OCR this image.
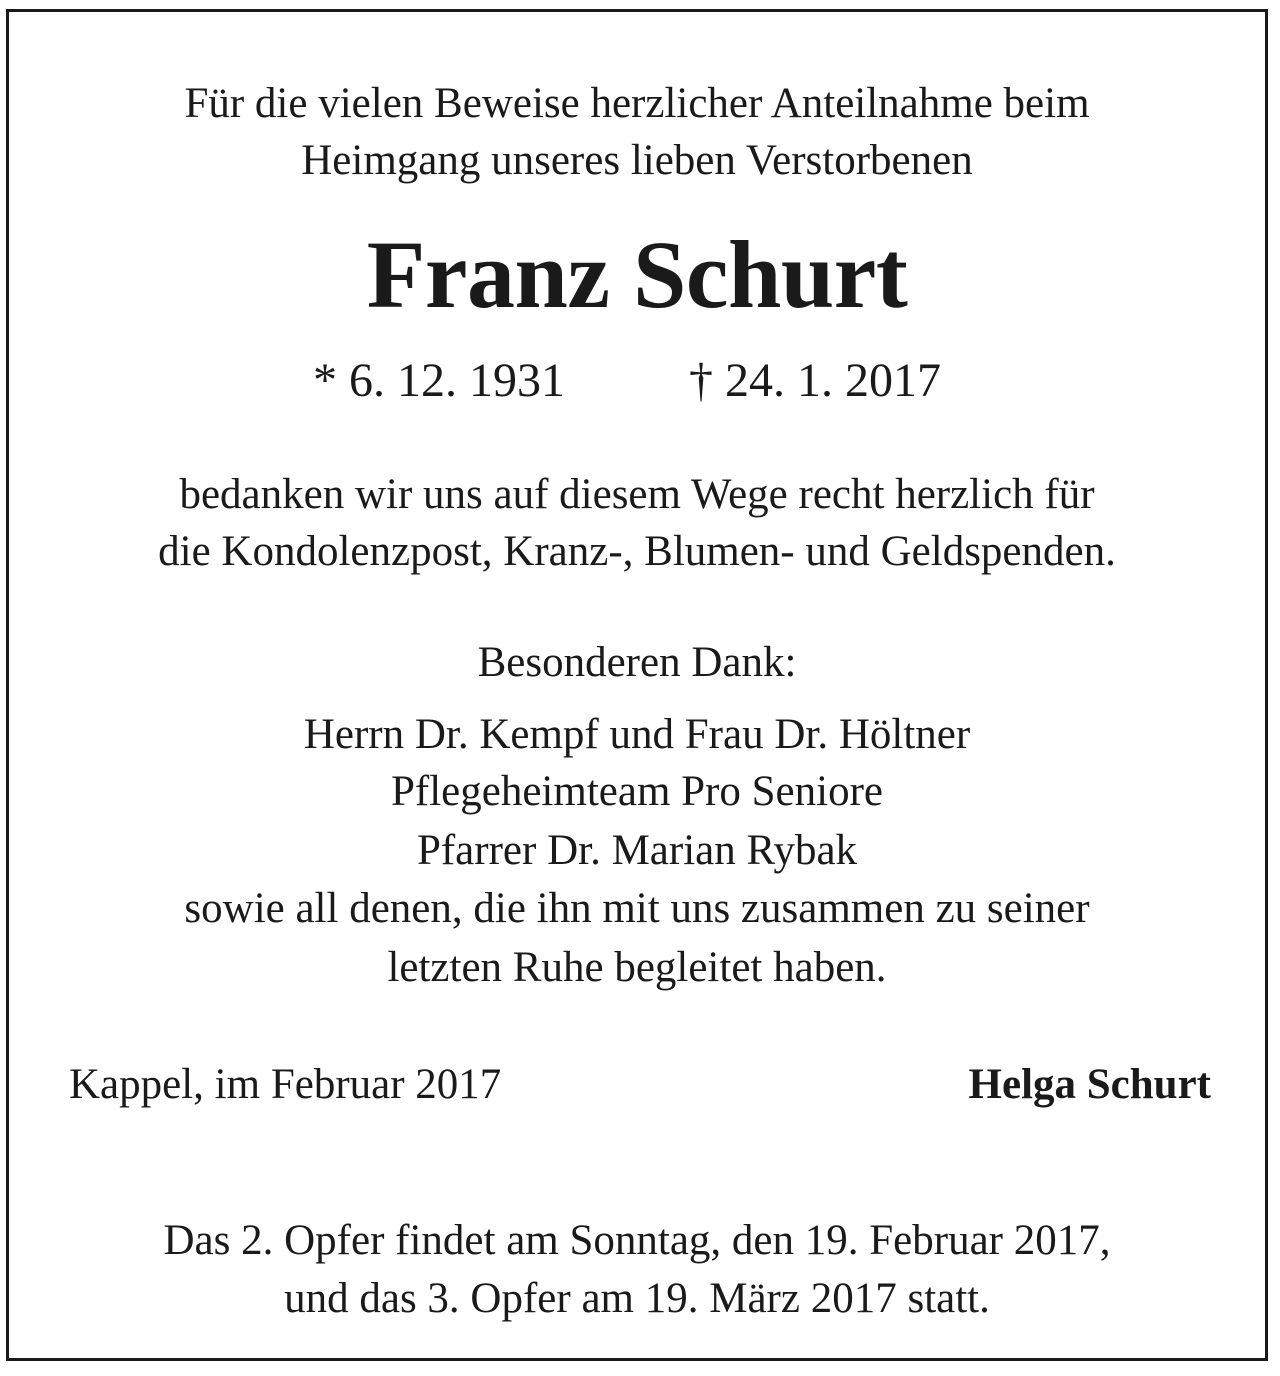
Für die vielen Beweise herzlicher Anteilnahme beim
Heimgang unseres lieben Verstorbenen
Franz Schurt
* 6. 12. 1931	† 24. 1. 2017
bedanken wir uns auf diesem Wege recht herzlich für
die Kondolenzpost, Kranz-, Blumen- und Geldspenden.
Besonderen Dank:
Herrn Dr. Kempf und Frau Dr. Höltner
Pflegeheimteam Pro Seniore
Pfarrer Dr. Marian Rybak
sowie all denen, die ihn mit uns zusammen zu seiner
letzten Ruhe begleitet haben.
Kappel, im Februar 2017	Helga Schurt
Das 2. Opfer findet am Sonntag, den 19. Februar 2017,
und das 3. Opfer am 19. März 2017 statt.
